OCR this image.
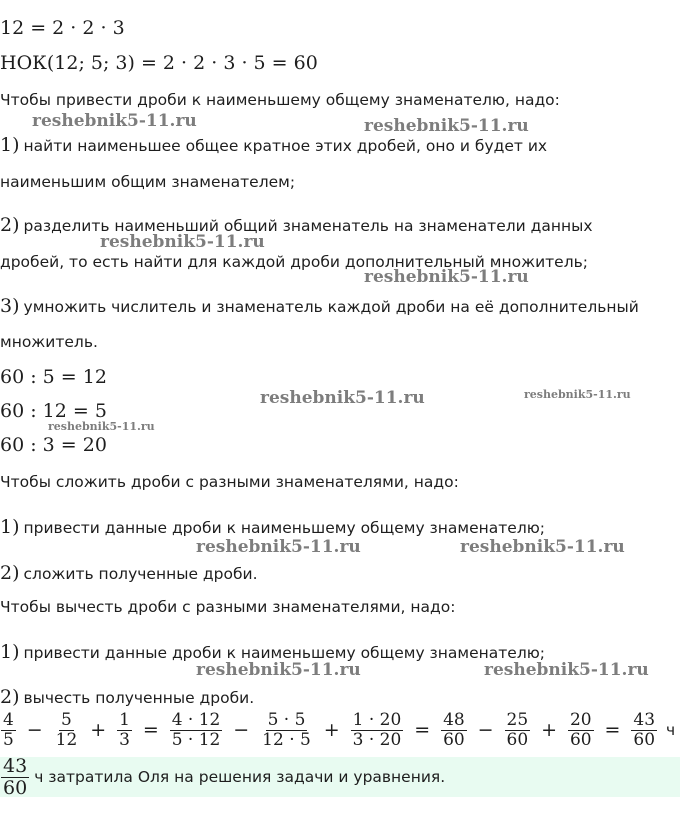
12 = 2 · 2 · 3
НОК(12; 5; 3) = 2 · 2 · 3 · 5 = 60
Чтобы привести дроби к наименьшему общему знаменателю, надо:
1) найти наименьшее общее кратное этих дробей, оно и будет их
наименьшим общим знаменателем;
2) разделить наименьший общий знаменатель на знаменатели данных
дробей, то есть найти для каждой дроби дополнительный множитель;
3) умножить числитель и знаменатель каждой дроби на её дополнительный
множитель.
60 : 5 = 12
60 : 12 = 5
60 : 3 = 20
Чтобы сложить дроби с разными знаменателями, надо:
1) привести данные дроби к наименьшему общему знаменателю;
2) сложить полученные дроби.
Чтобы вычесть дроби с разными знаменателями, надо:
1) привести данные дроби к наименьшему общему знаменателю;
2) вычесть полученные дроби.
$\frac{4}{5} - \frac{5}{12} + \frac{1}{3} = \frac{4 \cdot 12}{5 \cdot 12} - \frac{5 \cdot 5}{12 \cdot 5} + \frac{1 \cdot 20}{3 \cdot 20} = \frac{48}{60} - \frac{25}{60} + \frac{20}{60} = \frac{43}{60}$ ч
$\frac{43}{60}$ ч затратила Оля на решения задачи и уравнения.
reshebnik5-11.ru	reshebnik5-11.ru
reshebnik5-11.ru
reshebnik5-11.ru
reshebnik5-11.ru	reshebnik5-11.ru
reshebnik5-11.ru
reshebnik5-11.ru	reshebnik5-11.ru
reshebnik5-11.ru	reshebnik5-11.ru
